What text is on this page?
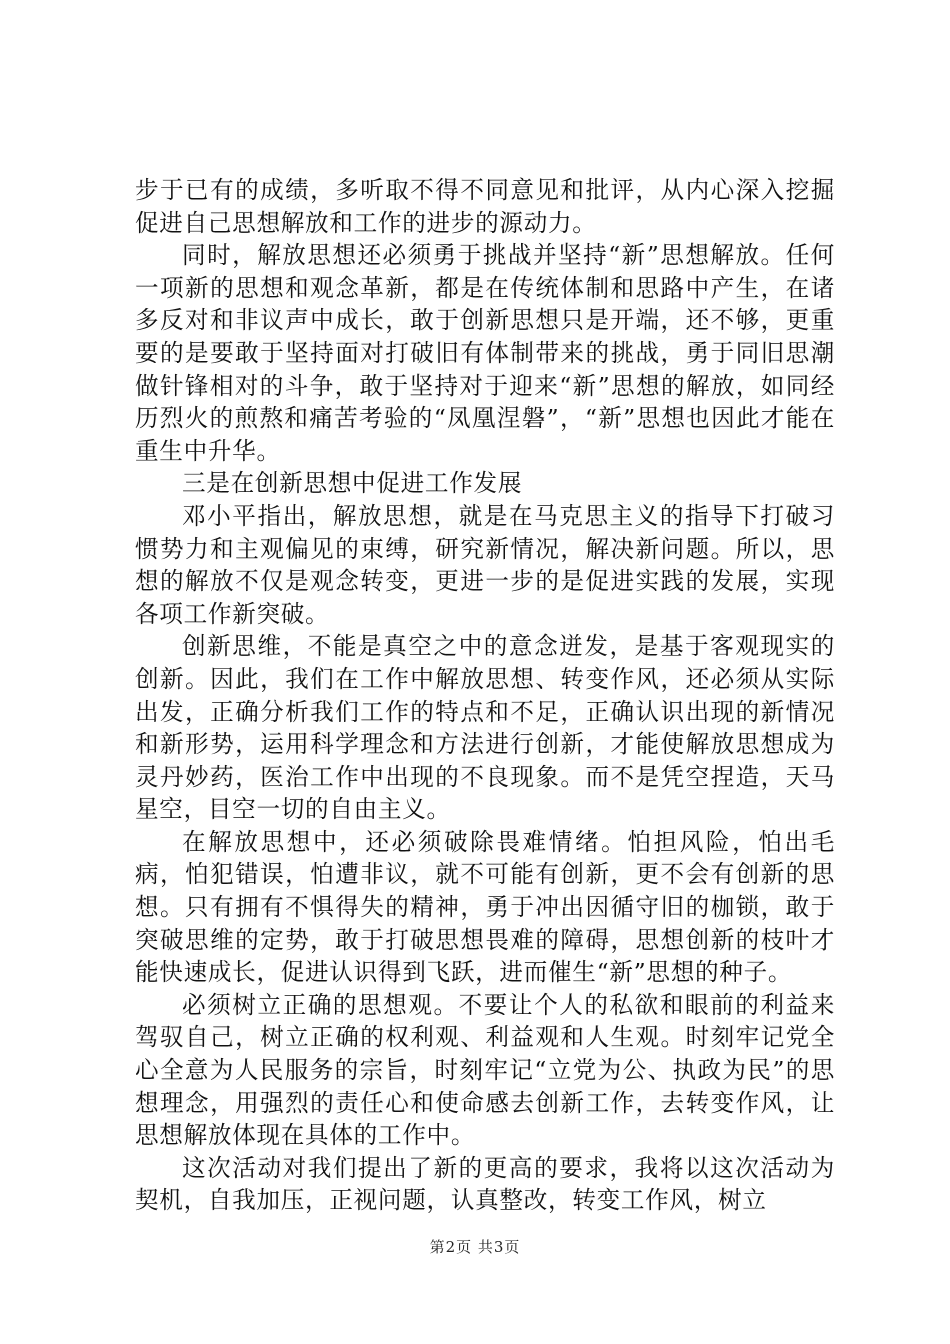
步于已有的成绩，多听取不得不同意见和批评，从内心深入挖掘促进自己思想解放和工作的进步的源动力。

同时，解放思想还必须勇于挑战并坚持“新”思想解放。任何一项新的思想和观念革新，都是在传统体制和思路中产生，在诸多反对和非议声中成长，敢于创新思想只是开端，还不够，更重要的是要敢于坚持面对打破旧有体制带来的挑战，勇于同旧思潮做针锋相对的斗争，敢于坚持对于迎来“新”思想的解放，如同经历烈火的煎熬和痛苦考验的“凤凰涅磐”，“新”思想也因此才能在重生中升华。

三是在创新思想中促进工作发展

邓小平指出，解放思想，就是在马克思主义的指导下打破习惯势力和主观偏见的束缚，研究新情况，解决新问题。所以，思想的解放不仅是观念转变，更进一步的是促进实践的发展，实现各项工作新突破。

创新思维，不能是真空之中的意念迸发，是基于客观现实的创新。因此，我们在工作中解放思想、转变作风，还必须从实际出发，正确分析我们工作的特点和不足，正确认识出现的新情况和新形势，运用科学理念和方法进行创新，才能使解放思想成为灵丹妙药，医治工作中出现的不良现象。而不是凭空捏造，天马星空，目空一切的自由主义。

在解放思想中，还必须破除畏难情绪。怕担风险，怕出毛病，怕犯错误，怕遭非议，就不可能有创新，更不会有创新的思想。只有拥有不惧得失的精神，勇于冲出因循守旧的枷锁，敢于突破思维的定势，敢于打破思想畏难的障碍，思想创新的枝叶才能快速成长，促进认识得到飞跃，进而催生“新”思想的种子。

必须树立正确的思想观。不要让个人的私欲和眼前的利益来驾驭自己，树立正确的权利观、利益观和人生观。时刻牢记党全心全意为人民服务的宗旨，时刻牢记“立党为公、执政为民”的思想理念，用强烈的责任心和使命感去创新工作，去转变作风，让思想解放体现在具体的工作中。

这次活动对我们提出了新的更高的要求，我将以这次活动为契机，自我加压，正视问题，认真整改，转变工作风，树立

第2页 共3页
